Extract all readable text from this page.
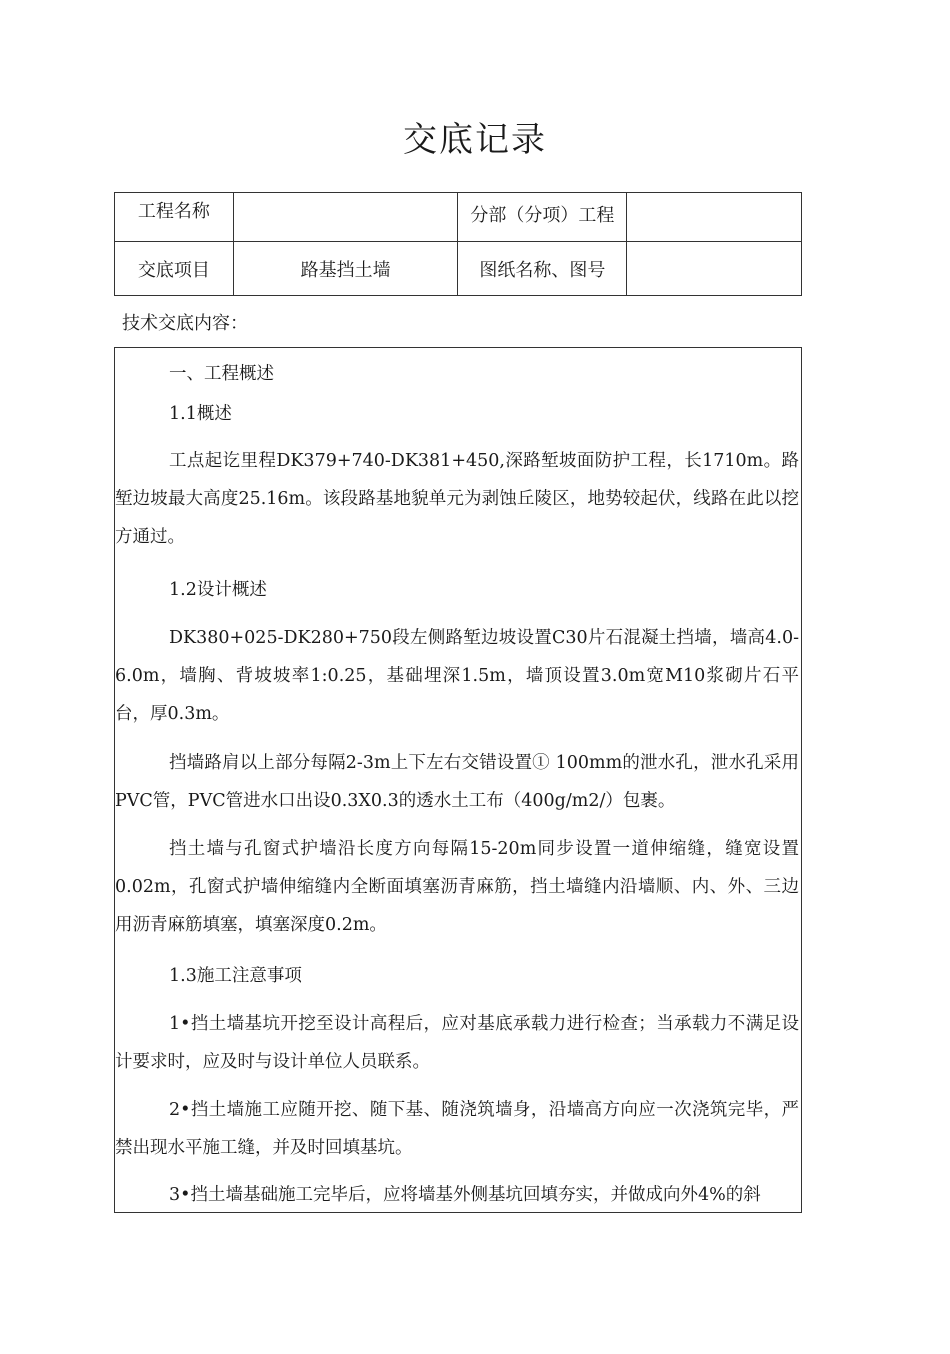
交底记录
工程名称		分部（分项）工程	

交底项目	路基挡土墙	图纸名称、图号	

技术交底内容：
一、工程概述
1.1概述
工点起讫里程DK379+740-DK381+450,深路堑坡面防护工程，长1710m。路堑边坡最大高度25.16m。该段路基地貌单元为剥蚀丘陵区，地势较起伏，线路在此以挖方通过。
1.2设计概述
DK380+025-DK280+750段左侧路堑边坡设置C30片石混凝土挡墙，墙高4.0-6.0m，墙胸、背坡坡率1:0.25，基础埋深1.5m，墙顶设置3.0m宽M10浆砌片石平台，厚0.3m。
挡墙路肩以上部分每隔2-3m上下左右交错设置① 100mm的泄水孔，泄水孔采用PVC管，PVC管进水口出设0.3X0.3的透水土工布（400g/m2/）包裹。
挡土墙与孔窗式护墙沿长度方向每隔15-20m同步设置一道伸缩缝，缝宽设置0.02m，孔窗式护墙伸缩缝内全断面填塞沥青麻筋，挡土墙缝内沿墙顺、内、外、三边用沥青麻筋填塞，填塞深度0.2m。
1.3施工注意事项
1•挡土墙基坑开挖至设计高程后，应对基底承载力进行检查；当承载力不满足设计要求时，应及时与设计单位人员联系。
2•挡土墙施工应随开挖、随下基、随浇筑墙身，沿墙高方向应一次浇筑完毕，严禁出现水平施工缝，并及时回填基坑。
3•挡土墙基础施工完毕后，应将墙基外侧基坑回填夯实，并做成向外4%的斜
